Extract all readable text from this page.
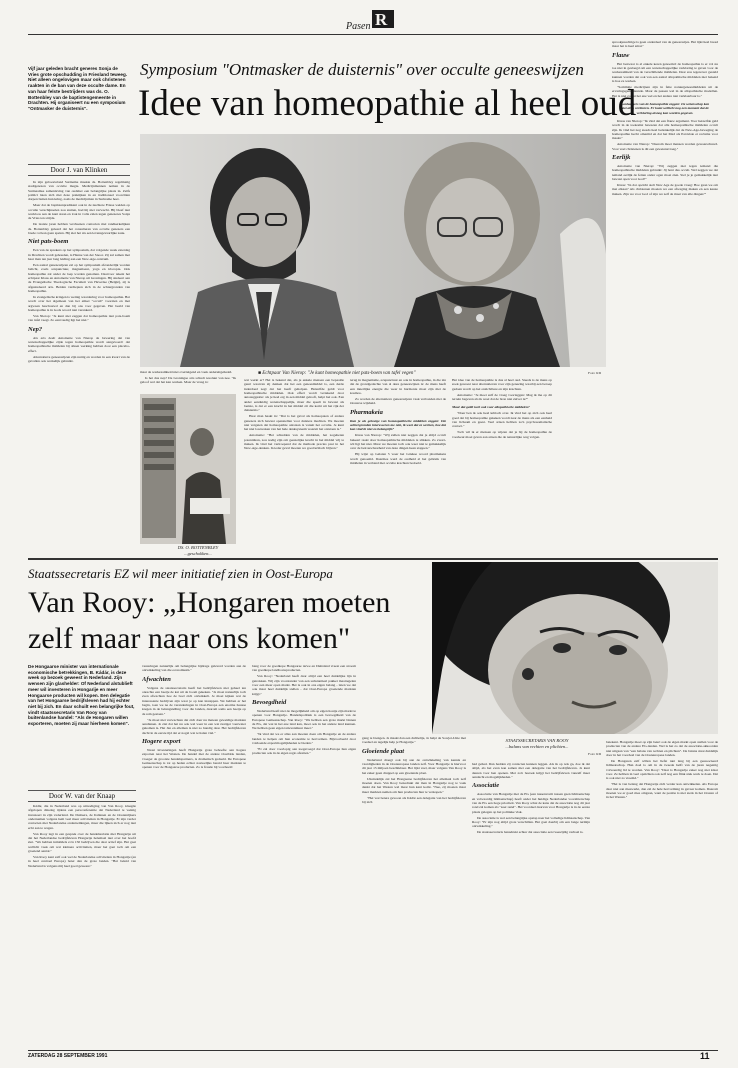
R
Pasen
Vijf jaar geleden bracht generes Sonja de Vries grote opschudding in Friesland teweeg. Niet alleen ongelovigen maar ook christenen raakten in de ban van deze occulte dame. En van haar felste bestrijders was ds. O. Bottenbley van de baptistengemeente in Drachten. Hij organiseert nu een symposium "Ontmasker de duisternis".
Door J. van Klinken
Symposium "Ontmasker de duisternis" over occulte geneeswijzen
Idee van homeopathie al heel oud

In zijn geboorteland Suriname maakte ds. Bottenbley regelmatig stadtgenoten van occulte magie. Medicijnmannen nemen in de Surinaamse samenleving van oudsher een belangrijke plaats in. Zelfs politici laten zich met deze praktijken in en traditioneel voorzitten dorpen buiten hun kring, zoals de medicijnman in Suriname heet.

Maar dat de baptistenpredikant ook in de nuchtere Friese weiden op occulte verschijnselen zou stuiten, had hij niet verwacht. Hij bleef niet werkloos aan de kant staan en trok in volle zalen tegen genezeres Sonja de Vries ten strijde.

De laatste jaren hebben verdwenen contacten met randkerkelijken ds. Bottenbley geleerd dat het consulteren van occulte genezers een brede rol kan gaan spelen. Hij ziet het als een levensgevaarlijke zaak.

Niet pats-boem

Een van de sprekers op het symposium, dat volgende week zaterdag in Drachten wordt gehouden, is Hanne van der Snoor. Zij zal samen met haar man ten jaar lang leiding aan een New-Age-centrum.

Een aantal genezewijzen zal op het symposium afzonderlijk worden belicht, zoals acupunctuur, magnetiseur, yoga en iriscopie. Ook homeopathie zal onder de loep worden genomen. Daarvoor tekent het echtpaar Klaas en Antoinette van Nierop uit Groningen. Hij studeert aan de Evangelische Theologische Faculteit van Heverlee (België), zij is afgestudeerd arts. Beiden verdiepten zich in de achtergronden van homeopathie.

In evangelische kringen is weinig waardering voor homeopathie. Het wordt over het algemeen van het etiket "occult" voorzien en met argwaan beschouwd en dan bij ons voor gegeven. Het beeld van homeopathie is in Gods woord niet verankerd.

Van Nierop: "Je kunt niet zeggen dat homeopathie niet pats-boem van tafel veegt. Zo eenvoudig ligt het niet."

Nep?

Als arts deelt Antoinette van Nierop de bewering dat van wetenschappelijke zijde tegen homeopathie wordt aangevoerd: dat homeopathische middelen bij alleen werking hebben door een placebo-effect.

Alternatieve geneeswijzen zijn nuttig en worden in een kwart van de gevallen ook werkelijk gebruikt.

■ Echtpaar Van Nierop: "Je kunt homeopathie niet pats-boem van tafel vegen"	Foto: RD

maar de werkzaamheid niet overtuigend en vaak onderuitgehaald.

Is het dus nep? De Groningse arts schudt resoluut van nee. "Ik geloof wel dat het kan werken. Maar de vraag is:

DS. O. BOTTENBLEY
...geschokken...

wat werkt er? Het is bekend dat, als je enkele mensen een bepaalde geurt waarvan zij denken dat het een geneesmiddel is, een derde inderdaad zegt dat het heeft geholpen. Hetzelfde geldt voor homeopathische middelen. Ook effect wordt vertekend door autosuggestie: als je heel erg in een middel gelooft, helpt het ook. Een ander eenduidig wetenschappelijk, maar die speelt in bewust als laatste, is dat er een kracht in het middel zit die komt uit het rijk der duisternis."

Haar man haakt in: "Dat is het geval als homeopaten of andere genezers zich bewust openstellen voor duistere machten. We moeten niet vergeten dat homeopathie ontstaan is vanuit het occulte. Je kunt het niet loszweken van het hele denksysteem waaruit het ontstaan is."

Antoinette: "Het schudden van de middelen, het zogeheten potentiëren, zou nodig zijn om geestelijke kracht in het middel vrij te maken. Ik vind het vertroepend dat de methode precies past in het New-Age-denken. In ieder geval moeten we goed kritisch blijven."

terug in magnetisme, acupunctuur en ook in homeopathie, in die zin dat de grondgedachte van al deze geneeswijzen is: de mens heeft een innerlijke energie die weer in harmonie moet zijn met de kosmos.

Zo worden de alternatieve geneeswijzen vaak verbonden met de Oosterse wijsheid.

Pharmakeia

Kun je als gelovige van homeopathische middelen zeggen: Die achtergronden interesseren me niet, ik weet dat ze werken, hoe dat kan vind ik niet zo belangrijk?

Klaas van Nierop: "Wij zullen niet zeggen dat je altijd occult bekeert raakt door homeopathische middelen te slikken. Zo zwart-wit ligt het niet. Maar we moeten toch ook weer niet te gemakkelijk over de betrouwbaarheid van deze dingen heen stappen."

Hij wijst op Galaten 5 waar het Griekse woord pharmakeia wordt genoemd. Daarmee werd de oudheid al het gebruik van middelen in verband met occulte krachten bedoeld.

Het idee van de homeopathie is dus al heel oud. Steeds is de mens op zoek geweest naar alternatieven voor zijn genezing waarbij een beroep gedaan wordt op het onzichtbare en zijn krachten.

Antoinette: "Je moet zelf de vraag voorleggen: Mag ik me op dit terrein begeven als ik weet dat de bron niet zuiver is?"

Maar dat geldt toch ook voor allopathische middelen?

"Daar ben ik ook heel kritisch over. Ik vind het op zich ook heel goed dat bij homeopathie gekeken wordt naar de mens als een eenheid van lichaam en geest. Veel artsen hebben zo'n psychosomatische contact."

Toch wil ik er mensen op wijzen dat je bij de homeopathie de voorkeur moet geven aan artsen die de natuurlijke weg volgen.

sprookjesachtige is geen onderdeel van de geneeswijze. Het lijkt heel breed maar het is heel smal."

Flauw

Het bezwaar is al enkele keren genoemd: de homeopathie is er vol nu toe niet in geslaagd om een wetenschappelijke verklaring te geven voor de werkzaamheid van de verschillende middelen. Daar zou tegenover gesteld kunnen worden dat ook van een aantal allopathische middelen niet bekend is hoe ze werken.

"Sommige medicijnen zijn in feite natuurgeneesmiddelen uit de ervaringsgeneeskunde. Maar de passen wel in de allopathische modellen. Het is niet zo dat het ene wel en het andere niet verklaarbaar is."

Aanhangers van de homeopathie zeggen: De wetenschap kan niet alles verklaren. Er komt wellicht nog een moment dat de verklaring alsnog kan worden gegeven.

Klaas van Nierop: "Ik vind dat een flauw argument. Voor hetzelfde geld wordt in de toekomst bewezen dat alle homeopathische middelen occult zijn. Ik vind het nog steeds heel bedenkelijk dat de New-Age-beweging de homeopathie hecht omarmd en dat het Mad als Paravisie er reclame voor maakt."

Antoinette van Nierop: "Daarom moet mensen worden gewaarschuwd. Voor veel christenen is dit een gewetensvraag."

Eerlijk

Antoinette van Nierop: "Wij zeggen niet tegen iemand die homeopathische middelen gebruikt: Jij bent dus occult. Wel zeggen we dat iemand eerlijk de feiten onder ogen moet zien. Stel je je gemakkelijk niet bewust open voor God?"

Klaas: "In dat opzicht stelt New Age de goede vraag: Hoe gaan we om met elkaar? Als christenen moeten we een afweging maken en een keuze maken. Zijn we voor God of zijn we zelf de maat van alle dingen?"

Staatssecretaris EZ wil meer initiatief zien in Oost-Europa
Van Rooy: „Hongaren moeten
zelf maar naar ons komen"
De Hongaarse minister van internationale economische betrekkingen, B. Kádár, is deze week op bezoek geweest in Nederland. Zijn wensen zijn glashelder: Of Nederland alstublieft meer wil investeren in Hongarije en meer Hongaarse producten wil kopen. Een delegatie van het Hongaarse bedrijfsleven had hij echter niet bij zich. En daar schuilt een belangrijke fout, vindt staatssecretaris Van Rooy van buitenlandse handel: "Als de Hongaren willen exporteren, moeten zij maar hierheen komen".
Door W. van der Knaap

Kádár, die in Nederland was op uitnodiging van Van Rooy, klaagde afgelopen dinsdag tijdens een persconferentie dat Nederland te weinig investeert in zijn vaderland. De Duitsers, de Italianen en de Oostenrijkers ondernemen volgens hem veel meer activiteiten in Hongarije. Er zijn verder contacten met Nederlandse ondernemingen, maar die lijken zich er nog niet echt aan te wagen.

Van Rooy legt in een gesprek over de handelsrelatie met Hongarije uit dat het Nederlandse bedrijfsleven Hongarije helemaal niet over het hoofd ziet. "We hebben inmiddels zo'n 150 bedrijven die daar actief zijn. Het gaat wellicht vaak om wat kleinere activiteiten, maar het gaat toch om een groeiend aantal."

Van Rooy kent zelf ook wel de Nederlandse activiteiten in Hongarije (en in heel centraal Europa) beter dan de grote landen. "Het beleid van Nederland is volgens mij heel goed geweest."

vesteringen natuurlijk om belangrijke bijdrage geleverd worden aan de ontwikkeling van die economieën."

Afwachten

Volgens de staatssecretaris heeft het bedrijfsleven niet geheel ten onrechte een beetje de kat uit de boom gekeken. "Je moet natuurlijk toch even afwachten hoe de boel zich ontwikkelt. Je moet kijken wat de interessante bedrijven zijn waar je op kan instappen. We hebben er het begin, toen we na de veranderingen in Oost-Europa een enorme hausse kregen in de belangstelling voor die landen, daarom soms een beetje op de rem gestaan."

"Je moet niet verwachten dat zich daar nu meteen geweldige markten aandienen. Je ziet dat het nu ook wel weer in een wat rustiger vaarwater gekomen is. Het Jan en alleman is niet zo handig daar. Het bedrijfsleven dacht in de eerste tijd dat er nogal wat te halen viel."

Hogere export

Naast investeringen heeft Hongarije grote behoefte aan hogere exporten naar het Westen. De handel met de andere Oostblok landen, vroeger de grootste handelspartners, is dramatisch gedaald. De Europese Gemeenschap is tot op heden echter nauwelijks bereid haar markten te openen voor de Hongaarse producten. Zo is fraude bij voorbeeld

bang voor de goedkope Hongaarse tarwe en Duitsland vreest een stroom van goedkope landbouwproducten.

Van Rooy: "Nederland heeft daar altijd een heel duidelijke lijn in getrokken. Wij zijn voorstander van een substantieel pakket maatregelen voor een meer open markt. Het is ook in ons eigen belang - laten we dat ook maar heel duidelijk stellen - dat Oost-Europa groeiende markten krijgt."

Bevoegdheid

Nederland heeft niet de mogelijkheid om op eigen houtje zijn markt te openen voor Hongarije. Handelspolitiek is een bevoegdheid van de Europese Gemeenschap. Van Rooy: "We hebben een grote markt binnen de EG, dat wat in het ene land kan, moet ook in het andere land kunnen. We hebben geen eigen tarievenmuur meer."

"Ik vind dat we er alles aan moeten doen om Hongarije en de andere landen te helpen om hun economie te hervormen. Bijvoorbeeld door voldoende exportmogelijkheden te bieden."

"Er zal door voorlopig aan toegevoegd dat Oost-Europa hun eigen producten ook in de eigen regio afzetten."

gang te brengen. Je maakt dan een dubbeltje, Je helpt de Sowjet-Unie met voedsel en tegelijk help je Hongarije."

Gloeiende plaat

Nederland draagt ook bij aan de ontwikkeling van kennis en vaardigheden in de Oosteuropese landen zelf. Voor Hongarije is hiervoor dit jaar 15 miljoen beschikbaar. Het lijkt veel, maar volgens Van Rooy is het zeker geen druppel op een gloeiende plaat.

Uiteindelijk zal het Hongaarse bedrijfsleven het allemaal toch zelf moeten doen. Van Rooy benadrukt dat men in Hongarije nog te vaak denkt dat het Westen wel maar hun kant komt. "Nee, zij moeten maar meer markten nemen om hun producten hier te verkopen."

"Het wat betere gewoon als Kádár een delegatie van het bedrijfsleven bij zich

STAATSSECRETARIS VAN ROOY
...balans van rechten en plichten...
Foto: RD

had gehad. Dan hadden zij contacten kunnen leggen. Als ik op reis ga, doe ik dat altijd, als het even kan samen met een delegatie van het bedrijfsleven. Je kunt deuren voor hen openen. Met zo'n bezoek krijgt het bedrijfsleven vanzelf meer aandacht en mogelijkheden."

Associatie

Associatie van Hongarije met de EG (een tussenvorm tussen geen lidmaatschap en volwaardig lidmaatschap) heeft onder het huidige Nederlandse voorzitterschap van de EG een hoge prioriteit. Van Rooy schat de kans dat de associatie nog dit jaar rond zal komen als "zeer reëel". Het voordeel daarvan voor Hongarije is in de eerste plaats gelegen op het politieke vlak.

De associatie is wel een belangrijke opstap naar het volledige lidmaatschap. Van Rooy: "Er zijn nog altijd grote verschillen. Het gaat daarbij om een lange termijn ontwikkeling."

De staatssecretaris benadrukt echter dat associatie een tweezijdig verhaal is.

betekent. Hongarije moet op zijn beurt ook de eigen markt open stellen voor de producten van de andere EG-landen. Wel is het zo dat de associatie-akkoorden niet uitgaan van "een balans van rechten en plichten". De balans slaat duidelijk door in het voordeel van de Oosteuropese landen.

De Hongaren zelf willen het liefst niet lang bij een geassocieerd lidmaatschap. Hun doel is om in de tweede helft van de jaren negentig volwaardig lid te worden. Van Rooy: "Daar is Hongarije zeker nog niet klaar voor. Ze hebben in veel opzichten ook zelf nog een flink stuk werk te doen. Dat is ook niet zo vreemd."

"Het is van belang dat Hongarije zich verder kan ontwikkelen. Als Europa daar niet aan meewerkt, dan zal de hele hervorming in gevaar komen. Daarom moeten we er goed mee omgaan, want de positie is niet sterk in het Oosten of in het Westen."

ZATERDAG 28 SEPTEMBER 1991	11
